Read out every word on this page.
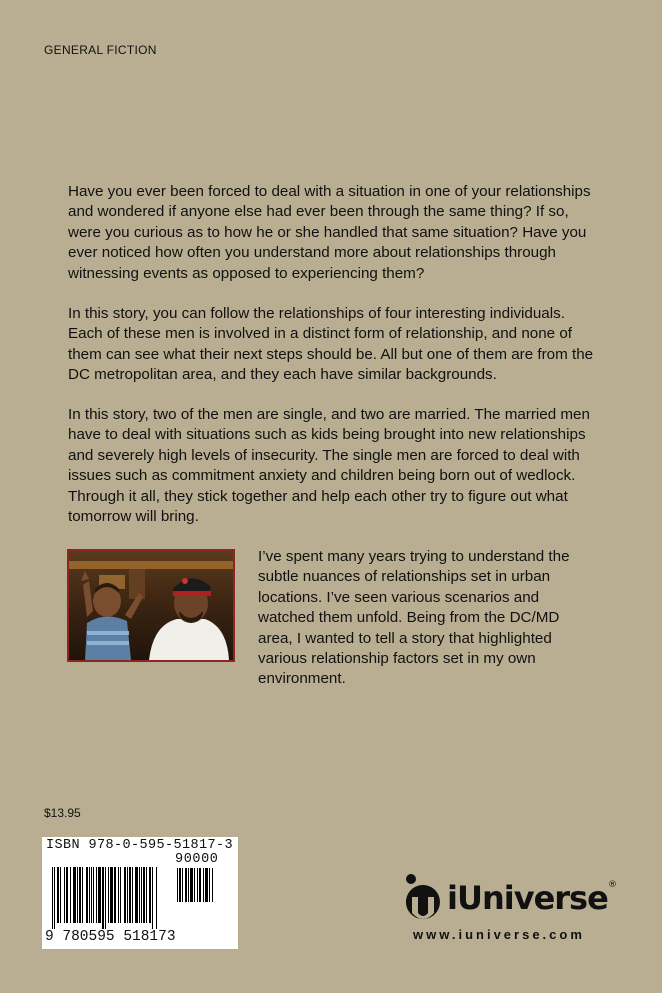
GENERAL FICTION

Have you ever been forced to deal with a situation in one of your relationships and wondered if anyone else had ever been through the same thing? If so, were you curious as to how he or she handled that same situation? Have you ever noticed how often you understand more about relationships through witnessing events as opposed to experiencing them?

In this story, you can follow the relationships of four interesting individuals. Each of these men is involved in a distinct form of relationship, and none of them can see what their next steps should be. All but one of them are from the DC metropolitan area, and they each have similar backgrounds.

In this story, two of the men are single, and two are married. The married men have to deal with situations such as kids being brought into new relationships and severely high levels of insecurity. The single men are forced to deal with issues such as commitment anxiety and children being born out of wedlock. Through it all, they stick together and help each other try to figure out what tomorrow will bring.

I’ve spent many years trying to understand the subtle nuances of relationships set in urban locations. I’ve seen various scenarios and watched them unfold. Being from the DC/MD area, I wanted to tell a story that highlighted various relationship factors set in my own environment.

$13.95
ISBN 978-0-595-51817-3
90000
9 780595 518173
iUniverse ®
www.iuniverse.com
